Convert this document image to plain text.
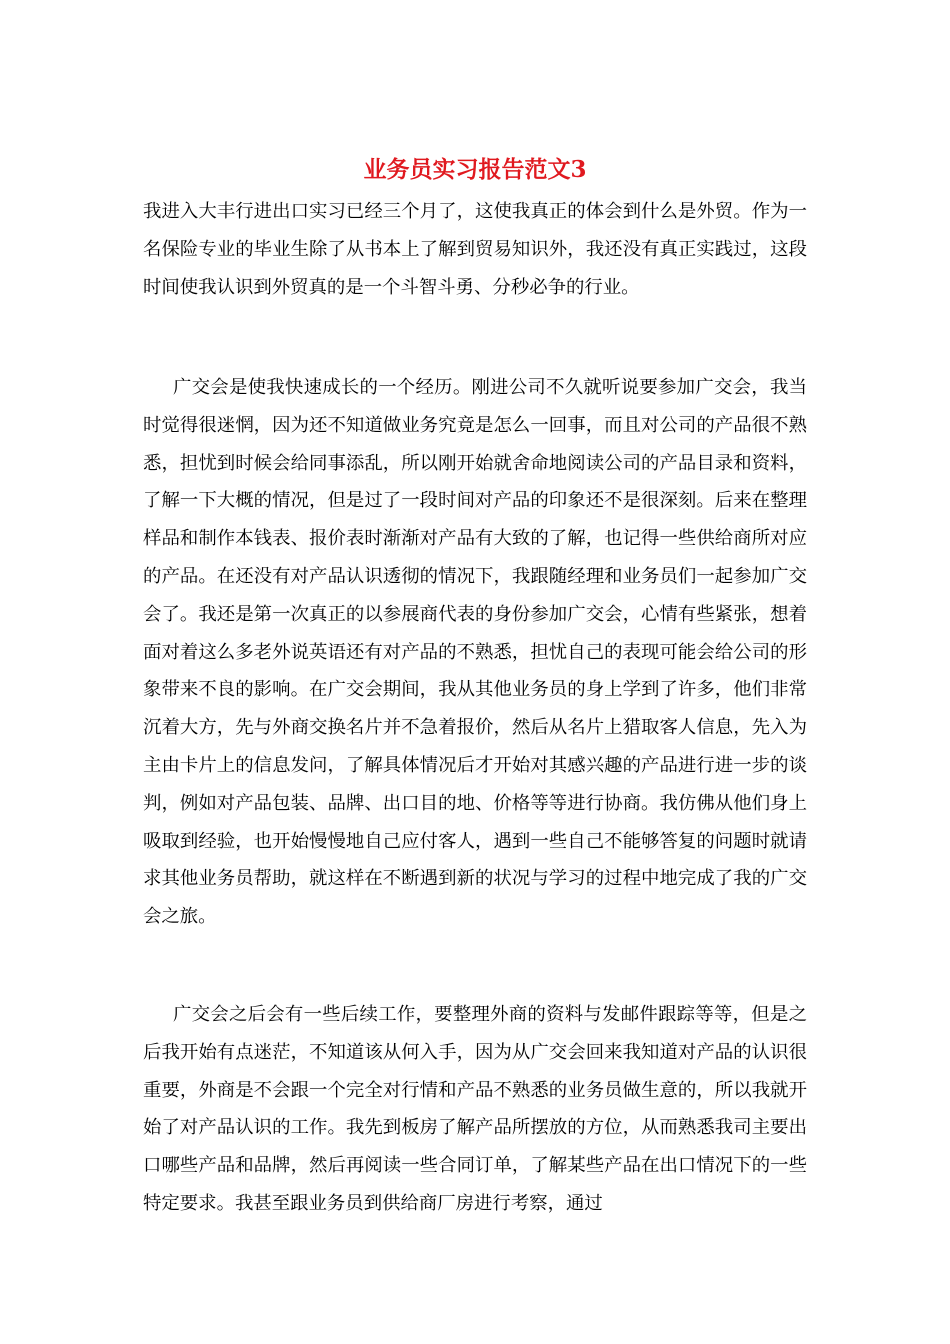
业务员实习报告范文3

我进入大丰行进出口实习已经三个月了，这使我真正的体会到什么是外贸。作为一名保险专业的毕业生除了从书本上了解到贸易知识外，我还没有真正实践过，这段时间使我认识到外贸真的是一个斗智斗勇、分秒必争的行业。

广交会是使我快速成长的一个经历。刚进公司不久就听说要参加广交会，我当时觉得很迷惘，因为还不知道做业务究竟是怎么一回事，而且对公司的产品很不熟悉，担忧到时候会给同事添乱，所以刚开始就舍命地阅读公司的产品目录和资料，了解一下大概的情况，但是过了一段时间对产品的印象还不是很深刻。后来在整理样品和制作本钱表、报价表时渐渐对产品有大致的了解，也记得一些供给商所对应的产品。在还没有对产品认识透彻的情况下，我跟随经理和业务员们一起参加广交会了。我还是第一次真正的以参展商代表的身份参加广交会，心情有些紧张，想着面对着这么多老外说英语还有对产品的不熟悉，担忧自己的表现可能会给公司的形象带来不良的影响。在广交会期间，我从其他业务员的身上学到了许多，他们非常沉着大方，先与外商交换名片并不急着报价，然后从名片上猎取客人信息，先入为主由卡片上的信息发问，了解具体情况后才开始对其感兴趣的产品进行进一步的谈判，例如对产品包装、品牌、出口目的地、价格等等进行协商。我仿佛从他们身上吸取到经验，也开始慢慢地自己应付客人，遇到一些自己不能够答复的问题时就请求其他业务员帮助，就这样在不断遇到新的状况与学习的过程中地完成了我的广交会之旅。

广交会之后会有一些后续工作，要整理外商的资料与发邮件跟踪等等，但是之后我开始有点迷茫，不知道该从何入手，因为从广交会回来我知道对产品的认识很重要，外商是不会跟一个完全对行情和产品不熟悉的业务员做生意的，所以我就开始了对产品认识的工作。我先到板房了解产品所摆放的方位，从而熟悉我司主要出口哪些产品和品牌，然后再阅读一些合同订单，了解某些产品在出口情况下的一些特定要求。我甚至跟业务员到供给商厂房进行考察，通过
